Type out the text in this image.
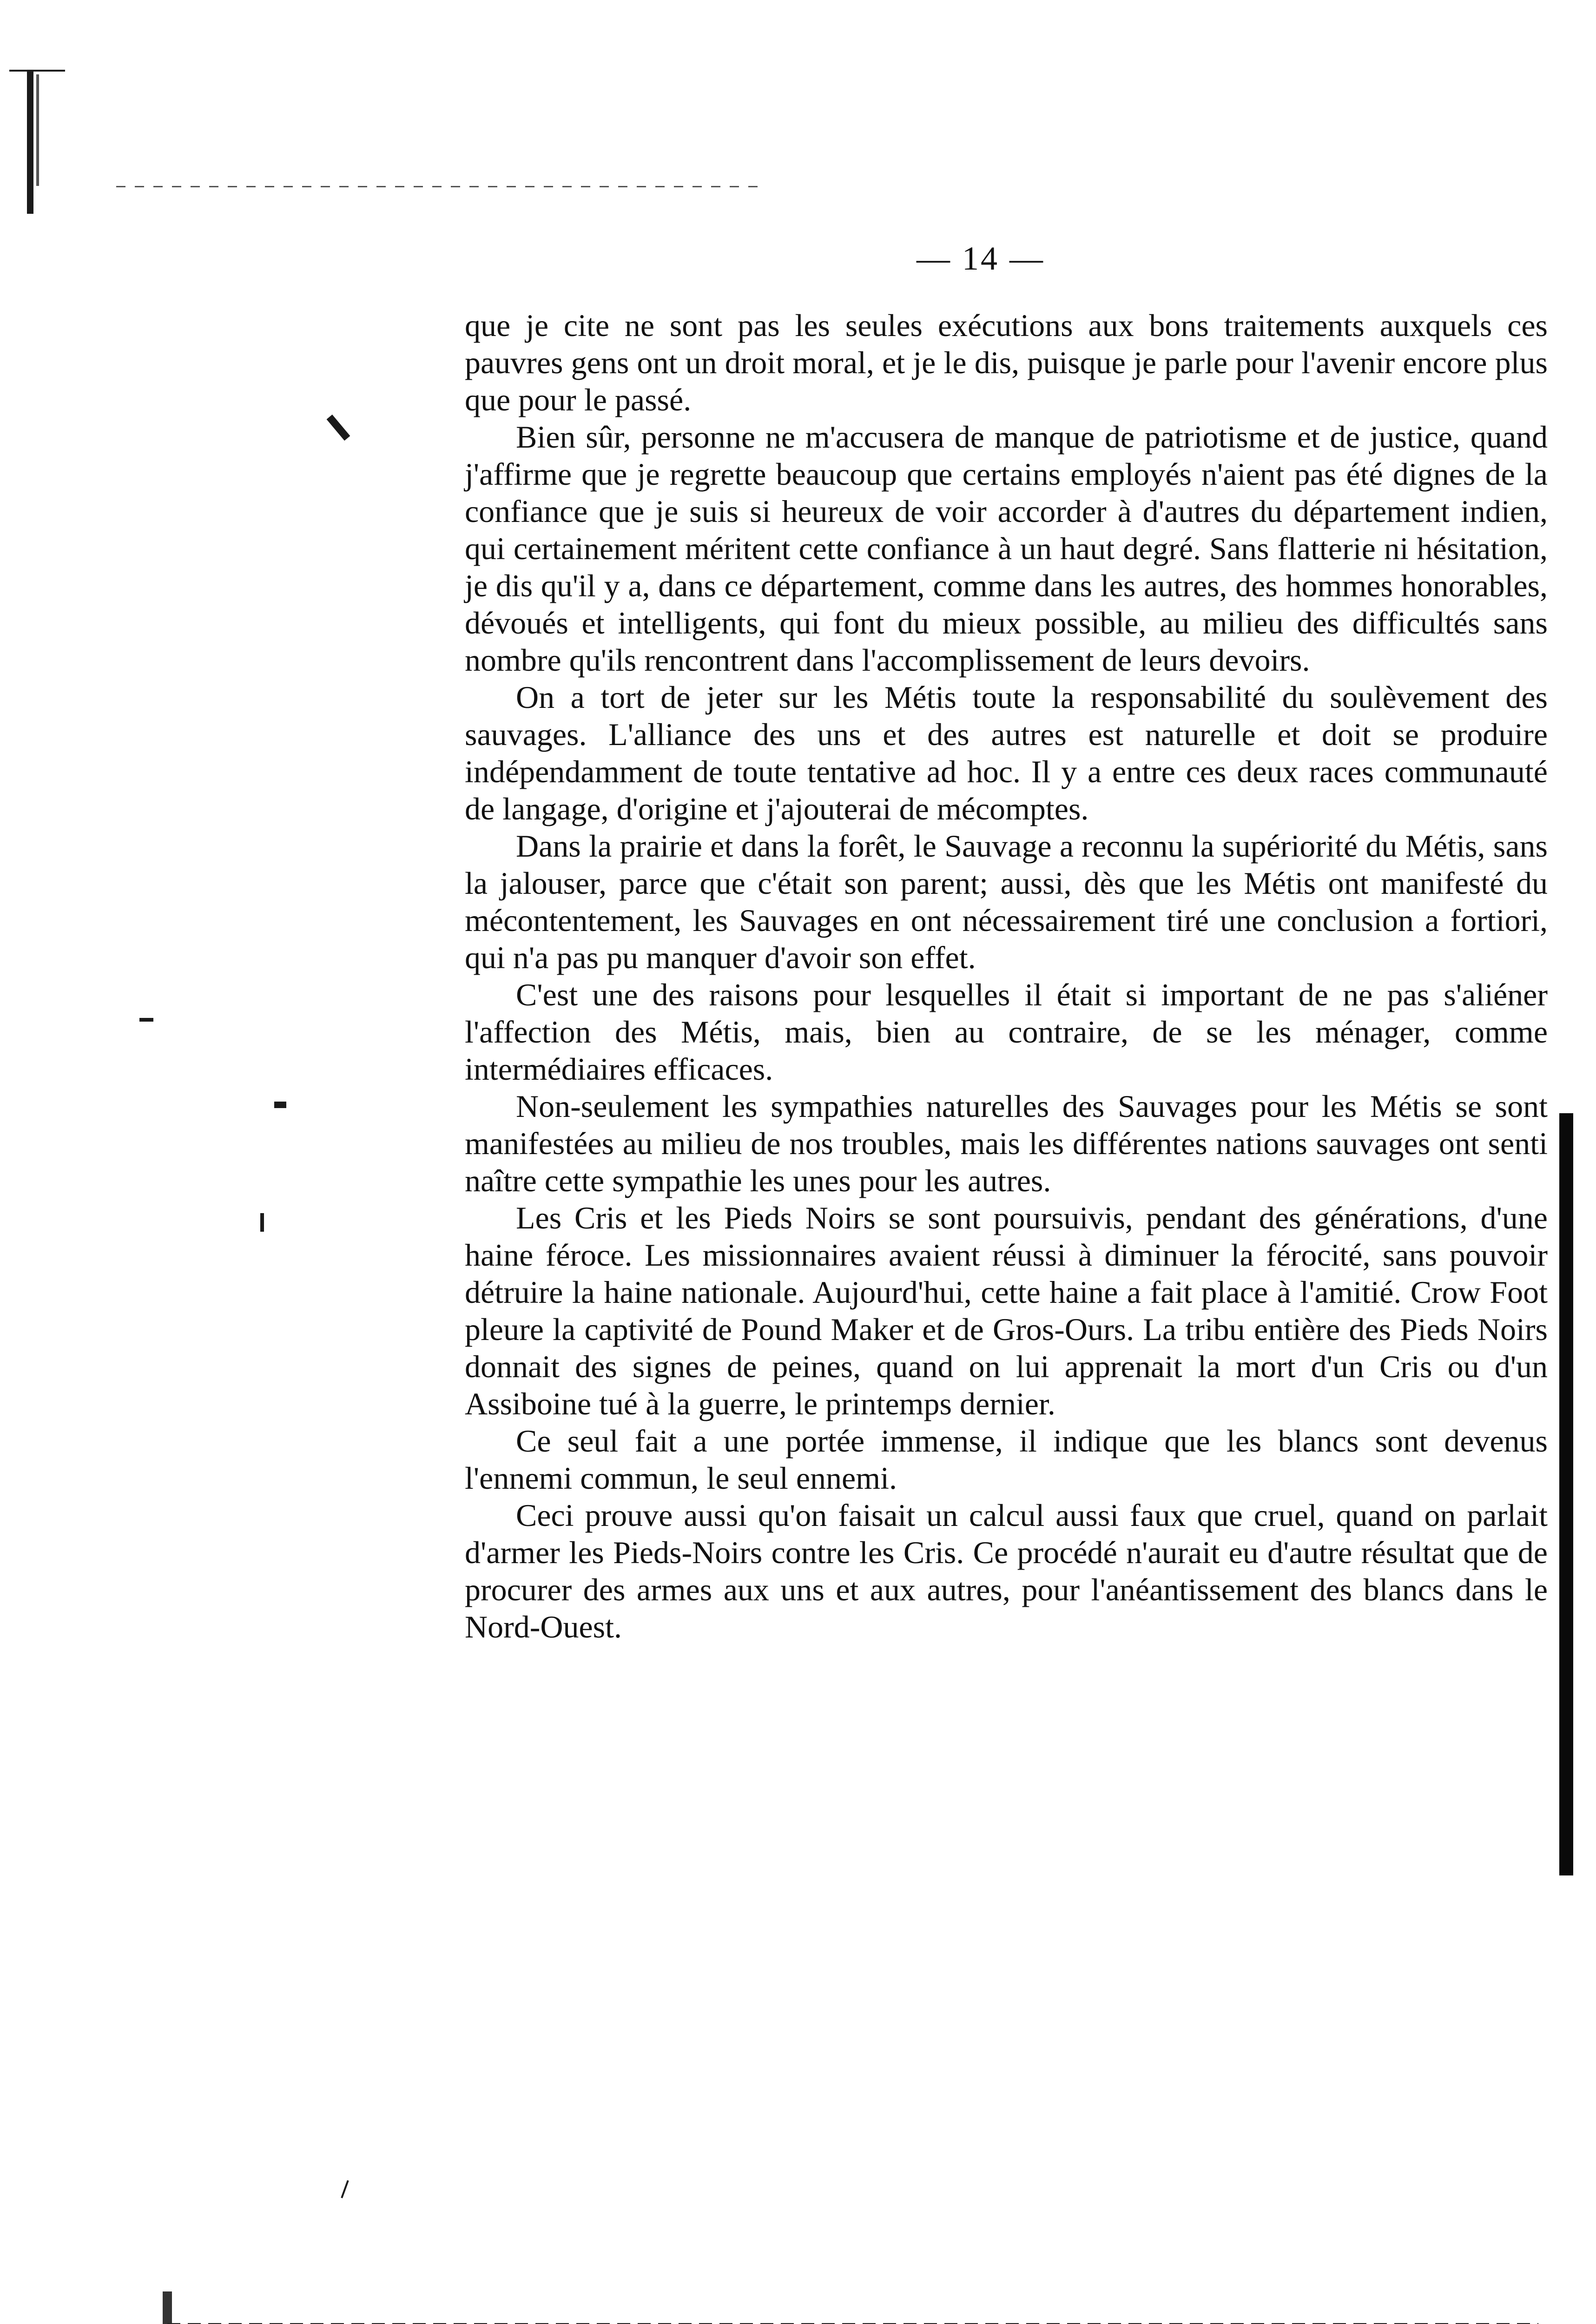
— 14 —

que je cite ne sont pas les seules exécutions aux bons traitements auxquels ces pauvres gens ont un droit moral, et je le dis, puisque je parle pour l'avenir encore plus que pour le passé.

Bien sûr, personne ne m'accusera de manque de patriotisme et de justice, quand j'affirme que je regrette beaucoup que certains employés n'aient pas été dignes de la confiance que je suis si heureux de voir accorder à d'autres du département indien, qui certainement méritent cette confiance à un haut degré. Sans flatterie ni hésitation, je dis qu'il y a, dans ce département, comme dans les autres, des hommes honorables, dévoués et intelligents, qui font du mieux possible, au milieu des difficultés sans nombre qu'ils rencontrent dans l'accomplissement de leurs devoirs.

On a tort de jeter sur les Métis toute la responsabilité du soulèvement des sauvages. L'alliance des uns et des autres est naturelle et doit se produire indépendamment de toute tentative ad hoc. Il y a entre ces deux races communauté de langage, d'origine et j'ajouterai de mécomptes.

Dans la prairie et dans la forêt, le Sauvage a reconnu la supériorité du Métis, sans la jalouser, parce que c'était son parent; aussi, dès que les Métis ont manifesté du mécontentement, les Sauvages en ont nécessairement tiré une conclusion a fortiori, qui n'a pas pu manquer d'avoir son effet.

C'est une des raisons pour lesquelles il était si important de ne pas s'aliéner l'affection des Métis, mais, bien au contraire, de se les ménager, comme intermédiaires efficaces.

Non-seulement les sympathies naturelles des Sauvages pour les Métis se sont manifestées au milieu de nos troubles, mais les différentes nations sauvages ont senti naître cette sympathie les unes pour les autres.

Les Cris et les Pieds Noirs se sont poursuivis, pendant des générations, d'une haine féroce. Les missionnaires avaient réussi à diminuer la férocité, sans pouvoir détruire la haine nationale. Aujourd'hui, cette haine a fait place à l'amitié. Crow Foot pleure la captivité de Pound Maker et de Gros-Ours. La tribu entière des Pieds Noirs donnait des signes de peines, quand on lui apprenait la mort d'un Cris ou d'un Assiboine tué à la guerre, le printemps dernier.

Ce seul fait a une portée immense, il indique que les blancs sont devenus l'ennemi commun, le seul ennemi.

Ceci prouve aussi qu'on faisait un calcul aussi faux que cruel, quand on parlait d'armer les Pieds-Noirs contre les Cris. Ce procédé n'aurait eu d'autre résultat que de procurer des armes aux uns et aux autres, pour l'anéantissement des blancs dans le Nord-Ouest.
